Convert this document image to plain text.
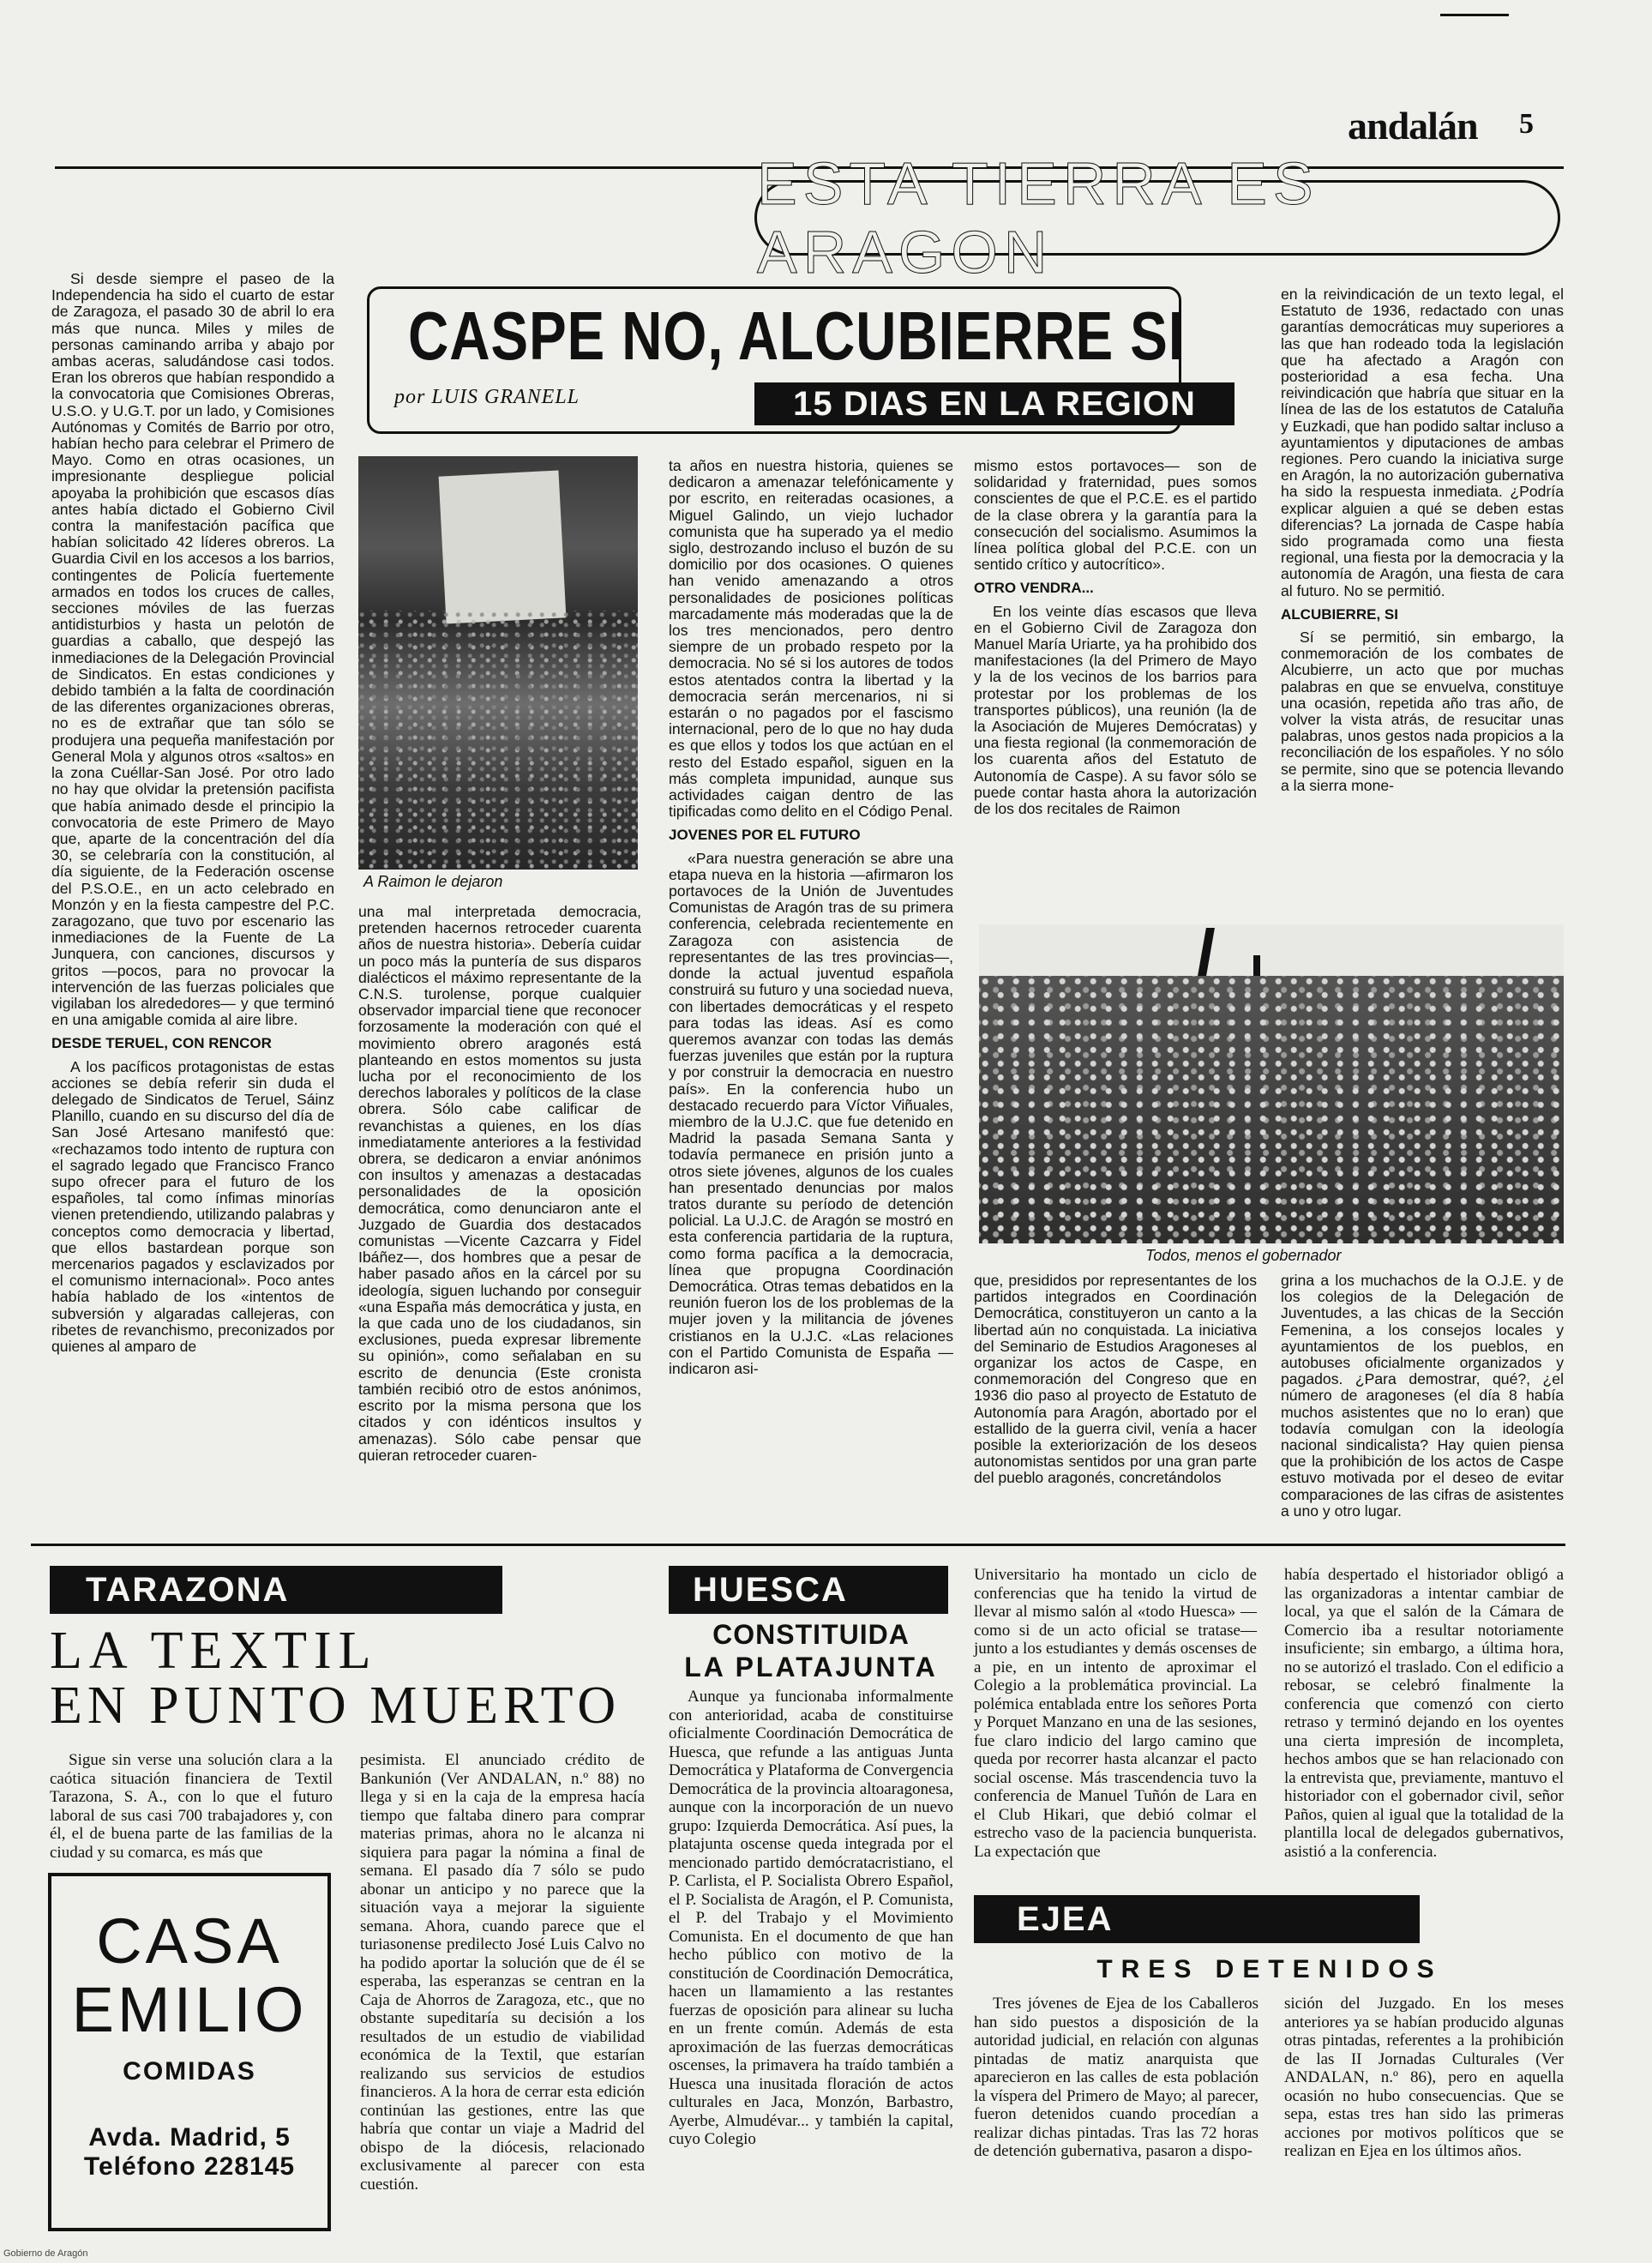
andalán 5
ESTA TIERRA ES ARAGON
CASPE NO, ALCUBIERRE SI
por LUIS GRANELL	15 DIAS EN LA REGION

Si desde siempre el paseo de la Independencia ha sido el cuarto de estar de Zaragoza, el pasado 30 de abril lo era más que nunca. Miles y miles de personas caminando arriba y abajo por ambas aceras, saludándose casi todos. Eran los obreros que habían respondido a la convocatoria que Comisiones Obreras, U.S.O. y U.G.T. por un lado, y Comisiones Autónomas y Comités de Barrio por otro, habían hecho para celebrar el Primero de Mayo. Como en otras ocasiones, un impresionante despliegue policial apoyaba la prohibición que escasos días antes había dictado el Gobierno Civil contra la manifestación pacífica que habían solicitado 42 líderes obreros. La Guardia Civil en los accesos a los barrios, contingentes de Policía fuertemente armados en todos los cruces de calles, secciones móviles de las fuerzas antidisturbios y hasta un pelotón de guardias a caballo, que despejó las inmediaciones de la Delegación Provincial de Sindicatos. En estas condiciones y debido también a la falta de coordinación de las diferentes organizaciones obreras, no es de extrañar que tan sólo se produjera una pequeña manifestación por General Mola y algunos otros «saltos» en la zona Cuéllar-San José. Por otro lado no hay que olvidar la pretensión pacifista que había animado desde el principio la convocatoria de este Primero de Mayo que, aparte de la concentración del día 30, se celebraría con la constitución, al día siguiente, de la Federación oscense del P.S.O.E., en un acto celebrado en Monzón y en la fiesta campestre del P.C. zaragozano, que tuvo por escenario las inmediaciones de la Fuente de La Junquera, con canciones, discursos y gritos —pocos, para no provocar la intervención de las fuerzas policiales que vigilaban los alrededores— y que terminó en una amigable comida al aire libre.

DESDE TERUEL, CON RENCOR

A los pacíficos protagonistas de estas acciones se debía referir sin duda el delegado de Sindicatos de Teruel, Sáinz Planillo, cuando en su discurso del día de San José Artesano manifestó que: «rechazamos todo intento de ruptura con el sagrado legado que Francisco Franco supo ofrecer para el futuro de los españoles, tal como ínfimas minorías vienen pretendiendo, utilizando palabras y conceptos como democracia y libertad, que ellos bastardean porque son mercenarios pagados y esclavizados por el comunismo internacional». Poco antes había hablado de los «intentos de subversión y algaradas callejeras, con ribetes de revanchismo, preconizados por quienes al amparo de

A Raimon le dejaron

una mal interpretada democracia, pretenden hacernos retroceder cuarenta años de nuestra historia». Debería cuidar un poco más la puntería de sus disparos dialécticos el máximo representante de la C.N.S. turolense, porque cualquier observador imparcial tiene que reconocer forzosamente la moderación con qué el movimiento obrero aragonés está planteando en estos momentos su justa lucha por el reconocimiento de los derechos laborales y políticos de la clase obrera. Sólo cabe calificar de revanchistas a quienes, en los días inmediatamente anteriores a la festividad obrera, se dedicaron a enviar anónimos con insultos y amenazas a destacadas personalidades de la oposición democrática, como denunciaron ante el Juzgado de Guardia dos destacados comunistas —Vicente Cazcarra y Fidel Ibáñez—, dos hombres que a pesar de haber pasado años en la cárcel por su ideología, siguen luchando por conseguir «una España más democrática y justa, en la que cada uno de los ciudadanos, sin exclusiones, pueda expresar libremente su opinión», como señalaban en su escrito de denuncia (Este cronista también recibió otro de estos anónimos, escrito por la misma persona que los citados y con idénticos insultos y amenazas). Sólo cabe pensar que quieran retroceder cuaren-

ta años en nuestra historia, quienes se dedicaron a amenazar telefónicamente y por escrito, en reiteradas ocasiones, a Miguel Galindo, un viejo luchador comunista que ha superado ya el medio siglo, destrozando incluso el buzón de su domicilio por dos ocasiones. O quienes han venido amenazando a otros personalidades de posiciones políticas marcadamente más moderadas que la de los tres mencionados, pero dentro siempre de un probado respeto por la democracia. No sé si los autores de todos estos atentados contra la libertad y la democracia serán mercenarios, ni si estarán o no pagados por el fascismo internacional, pero de lo que no hay duda es que ellos y todos los que actúan en el resto del Estado español, siguen en la más completa impunidad, aunque sus actividades caigan dentro de las tipificadas como delito en el Código Penal.

JOVENES POR EL FUTURO

«Para nuestra generación se abre una etapa nueva en la historia —afirmaron los portavoces de la Unión de Juventudes Comunistas de Aragón tras de su primera conferencia, celebrada recientemente en Zaragoza con asistencia de representantes de las tres provincias—, donde la actual juventud española construirá su futuro y una sociedad nueva, con libertades democráticas y el respeto para todas las ideas. Así es como queremos avanzar con todas las demás fuerzas juveniles que están por la ruptura y por construir la democracia en nuestro país». En la conferencia hubo un destacado recuerdo para Víctor Viñuales, miembro de la U.J.C. que fue detenido en Madrid la pasada Semana Santa y todavía permanece en prisión junto a otros siete jóvenes, algunos de los cuales han presentado denuncias por malos tratos durante su período de detención policial. La U.J.C. de Aragón se mostró en esta conferencia partidaria de la ruptura, como forma pacífica a la democracia, línea que propugna Coordinación Democrática. Otras temas debatidos en la reunión fueron los de los problemas de la mujer joven y la militancia de jóvenes cristianos en la U.J.C. «Las relaciones con el Partido Comunista de España —indicaron asi-

mismo estos portavoces— son de solidaridad y fraternidad, pues somos conscientes de que el P.C.E. es el partido de la clase obrera y la garantía para la consecución del socialismo. Asumimos la línea política global del P.C.E. con un sentido crítico y autocrítico».

OTRO VENDRA...

En los veinte días escasos que lleva en el Gobierno Civil de Zaragoza don Manuel María Uriarte, ya ha prohibido dos manifestaciones (la del Primero de Mayo y la de los vecinos de los barrios para protestar por los problemas de los transportes públicos), una reunión (la de la Asociación de Mujeres Demócratas) y una fiesta regional (la conmemoración de los cuarenta años del Estatuto de Autonomía de Caspe). A su favor sólo se puede contar hasta ahora la autorización de los dos recitales de Raimon

en la reivindicación de un texto legal, el Estatuto de 1936, redactado con unas garantías democráticas muy superiores a las que han rodeado toda la legislación que ha afectado a Aragón con posterioridad a esa fecha. Una reivindicación que habría que situar en la línea de las de los estatutos de Cataluña y Euzkadi, que han podido saltar incluso a ayuntamientos y diputaciones de ambas regiones. Pero cuando la iniciativa surge en Aragón, la no autorización gubernativa ha sido la respuesta inmediata. ¿Podría explicar alguien a qué se deben estas diferencias? La jornada de Caspe había sido programada como una fiesta regional, una fiesta por la democracia y la autonomía de Aragón, una fiesta de cara al futuro. No se permitió.

ALCUBIERRE, SI

Sí se permitió, sin embargo, la conmemoración de los combates de Alcubierre, un acto que por muchas palabras en que se envuelva, constituye una ocasión, repetida año tras año, de volver la vista atrás, de resucitar unas palabras, unos gestos nada propicios a la reconciliación de los españoles. Y no sólo se permite, sino que se potencia llevando a la sierra mone-

Todos, menos el gobernador

que, presididos por representantes de los partidos integrados en Coordinación Democrática, constituyeron un canto a la libertad aún no conquistada. La iniciativa del Seminario de Estudios Aragoneses al organizar los actos de Caspe, en conmemoración del Congreso que en 1936 dio paso al proyecto de Estatuto de Autonomía para Aragón, abortado por el estallido de la guerra civil, venía a hacer posible la exteriorización de los deseos autonomistas sentidos por una gran parte del pueblo aragonés, concretándolos

grina a los muchachos de la O.J.E. y de los colegios de la Delegación de Juventudes, a las chicas de la Sección Femenina, a los consejos locales y ayuntamientos de los pueblos, en autobuses oficialmente organizados y pagados. ¿Para demostrar, qué?, ¿el número de aragoneses (el día 8 había muchos asistentes que no lo eran) que todavía comulgan con la ideología nacional sindicalista? Hay quien piensa que la prohibición de los actos de Caspe estuvo motivada por el deseo de evitar comparaciones de las cifras de asistentes a uno y otro lugar.

TARAZONA
LA TEXTIL
EN PUNTO MUERTO

Sigue sin verse una solución clara a la caótica situación financiera de Textil Tarazona, S. A., con lo que el futuro laboral de sus casi 700 trabajadores y, con él, el de buena parte de las familias de la ciudad y su comarca, es más que

pesimista. El anunciado crédito de Bankunión (Ver ANDALAN, n.º 88) no llega y si en la caja de la empresa hacía tiempo que faltaba dinero para comprar materias primas, ahora no le alcanza ni siquiera para pagar la nómina a final de semana. El pasado día 7 sólo se pudo abonar un anticipo y no parece que la situación vaya a mejorar la siguiente semana. Ahora, cuando parece que el turiasonense predilecto José Luis Calvo no ha podido aportar la solución que de él se esperaba, las esperanzas se centran en la Caja de Ahorros de Zaragoza, etc., que no obstante supeditaría su decisión a los resultados de un estudio de viabilidad económica de la Textil, que estarían realizando sus servicios de estudios financieros. A la hora de cerrar esta edición continúan las gestiones, entre las que habría que contar un viaje a Madrid del obispo de la diócesis, relacionado exclusivamente al parecer con esta cuestión.

CASA
EMILIO
COMIDAS
Avda. Madrid, 5
Teléfono 228145
HUESCA
CONSTITUIDA
LA PLATAJUNTA

Aunque ya funcionaba informalmente con anterioridad, acaba de constituirse oficialmente Coordinación Democrática de Huesca, que refunde a las antiguas Junta Democrática y Plataforma de Convergencia Democrática de la provincia altoaragonesa, aunque con la incorporación de un nuevo grupo: Izquierda Democrática. Así pues, la platajunta oscense queda integrada por el mencionado partido demócratacristiano, el P. Carlista, el P. Socialista Obrero Español, el P. Socialista de Aragón, el P. Comunista, el P. del Trabajo y el Movimiento Comunista. En el documento de que han hecho público con motivo de la constitución de Coordinación Democrática, hacen un llamamiento a las restantes fuerzas de oposición para alinear su lucha en un frente común. Además de esta aproximación de las fuerzas democráticas oscenses, la primavera ha traído también a Huesca una inusitada floración de actos culturales en Jaca, Monzón, Barbastro, Ayerbe, Almudévar... y también la capital, cuyo Colegio

Universitario ha montado un ciclo de conferencias que ha tenido la virtud de llevar al mismo salón al «todo Huesca» —como si de un acto oficial se tratase— junto a los estudiantes y demás oscenses de a pie, en un intento de aproximar el Colegio a la problemática provincial. La polémica entablada entre los señores Porta y Porquet Manzano en una de las sesiones, fue claro indicio del largo camino que queda por recorrer hasta alcanzar el pacto social oscense. Más trascendencia tuvo la conferencia de Manuel Tuñón de Lara en el Club Hikari, que debió colmar el estrecho vaso de la paciencia bunquerista. La expectación que

había despertado el historiador obligó a las organizadoras a intentar cambiar de local, ya que el salón de la Cámara de Comercio iba a resultar notoriamente insuficiente; sin embargo, a última hora, no se autorizó el traslado. Con el edificio a rebosar, se celebró finalmente la conferencia que comenzó con cierto retraso y terminó dejando en los oyentes una cierta impresión de incompleta, hechos ambos que se han relacionado con la entrevista que, previamente, mantuvo el historiador con el gobernador civil, señor Paños, quien al igual que la totalidad de la plantilla local de delegados gubernativos, asistió a la conferencia.

EJEA
TRES DETENIDOS

Tres jóvenes de Ejea de los Caballeros han sido puestos a disposición de la autoridad judicial, en relación con algunas pintadas de matiz anarquista que aparecieron en las calles de esta población la víspera del Primero de Mayo; al parecer, fueron detenidos cuando procedían a realizar dichas pintadas. Tras las 72 horas de detención gubernativa, pasaron a dispo-

sición del Juzgado. En los meses anteriores ya se habían producido algunas otras pintadas, referentes a la prohibición de las II Jornadas Culturales (Ver ANDALAN, n.º 86), pero en aquella ocasión no hubo consecuencias. Que se sepa, estas tres han sido las primeras acciones por motivos políticos que se realizan en Ejea en los últimos años.

Gobierno de Aragón
